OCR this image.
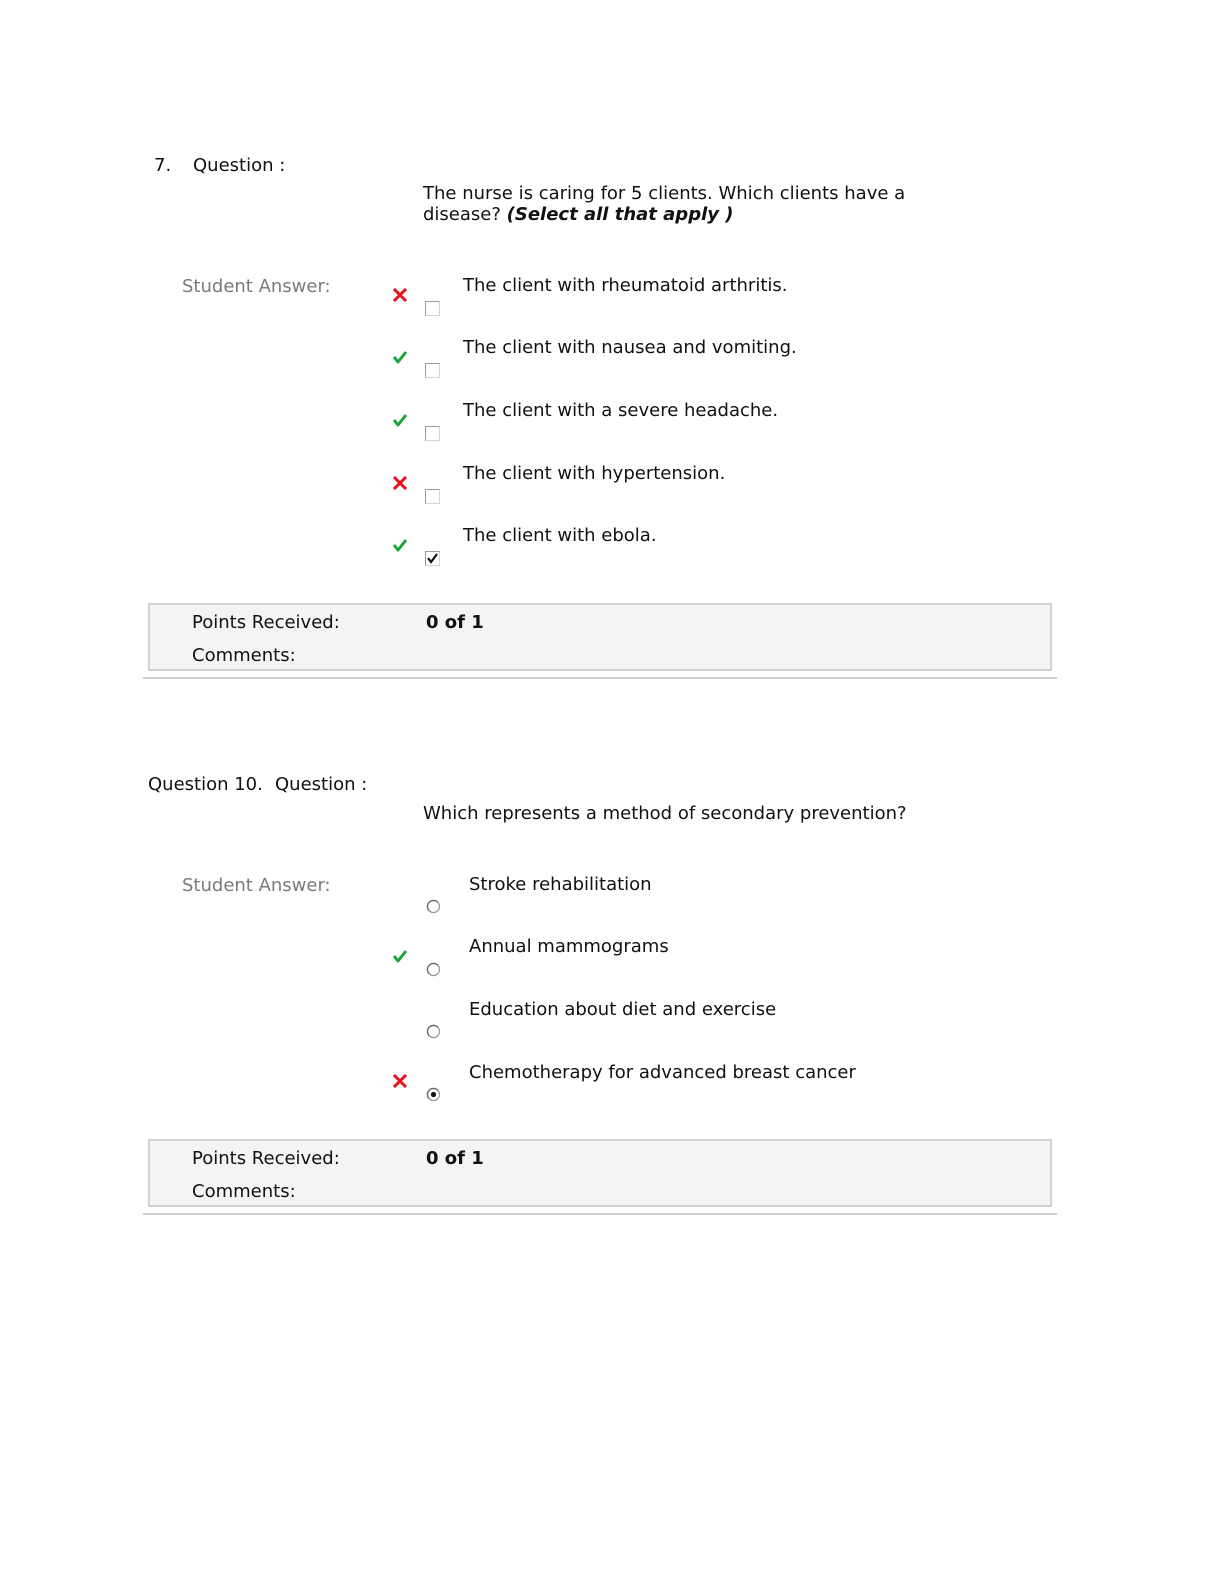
7. Question :
The nurse is caring for 5 clients. Which clients have a disease? (Select all that apply )
Student Answer:	The client with rheumatoid arthritis.
The client with nausea and vomiting.
The client with a severe headache.
The client with hypertension.
The client with ebola.
Points Received:	0 of 1
Comments:
Question 10. Question :
Which represents a method of secondary prevention?
Student Answer:	Stroke rehabilitation
Annual mammograms
Education about diet and exercise
Chemotherapy for advanced breast cancer
Points Received:	0 of 1
Comments:
